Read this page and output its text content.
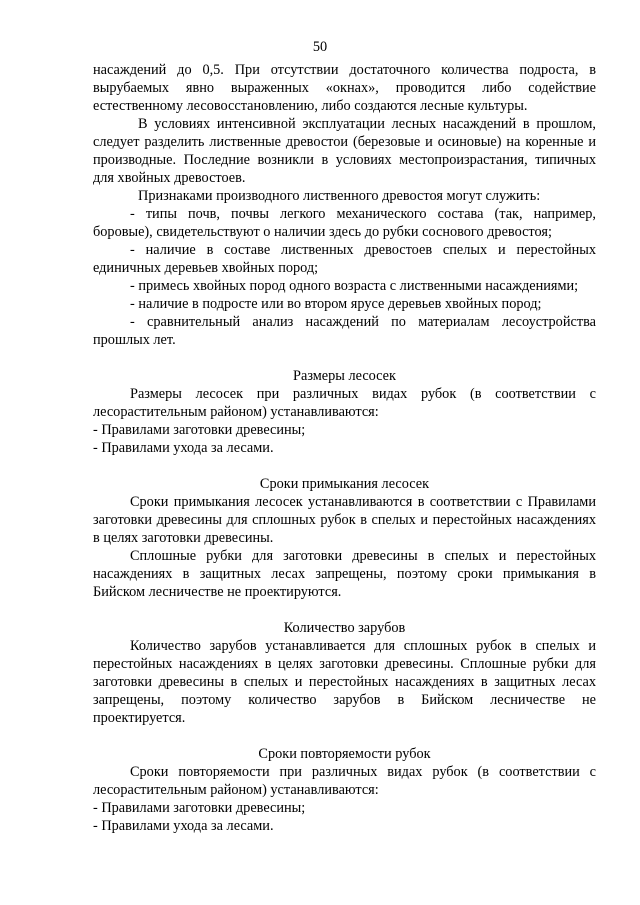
50

насаждений до 0,5. При отсутствии достаточного количества подроста, в вырубаемых явно выраженных «окнах», проводится либо содействие естественному лесовосстановлению, либо создаются лесные культуры.

В условиях интенсивной эксплуатации лесных насаждений в прошлом, следует разделить лиственные древостои (березовые и осиновые) на коренные и производные. Последние возникли в условиях местопроизрастания, типичных для хвойных древостоев.

Признаками производного лиственного древостоя могут служить:

- типы почв, почвы легкого механического состава (так, например, боровые), свидетельствуют о наличии здесь до рубки соснового древостоя;

- наличие в составе лиственных древостоев спелых и перестойных единичных деревьев хвойных пород;

- примесь хвойных пород одного возраста с лиственными насаждениями;

- наличие в подросте или во втором ярусе деревьев хвойных пород;

- сравнительный анализ насаждений по материалам лесоустройства прошлых лет.

Размеры лесосек

Размеры лесосек при различных видах рубок (в соответствии с лесорастительным районом) устанавливаются:

- Правилами заготовки древесины;

- Правилами ухода за лесами.

Сроки примыкания лесосек

Сроки примыкания лесосек устанавливаются в соответствии с Правилами заготовки древесины для сплошных рубок в спелых и перестойных насаждениях в целях заготовки древесины.

Сплошные рубки для заготовки древесины в спелых и перестойных насаждениях в защитных лесах запрещены, поэтому сроки примыкания в Бийском лесничестве не проектируются.

Количество зарубов

Количество зарубов устанавливается для сплошных рубок в спелых и перестойных насаждениях в целях заготовки древесины. Сплошные рубки для заготовки древесины в спелых и перестойных насаждениях в защитных лесах запрещены, поэтому количество зарубов в Бийском лесничестве не проектируется.

Сроки повторяемости рубок

Сроки повторяемости при различных видах рубок (в соответствии с лесорастительным районом) устанавливаются:

- Правилами заготовки древесины;

- Правилами ухода за лесами.
